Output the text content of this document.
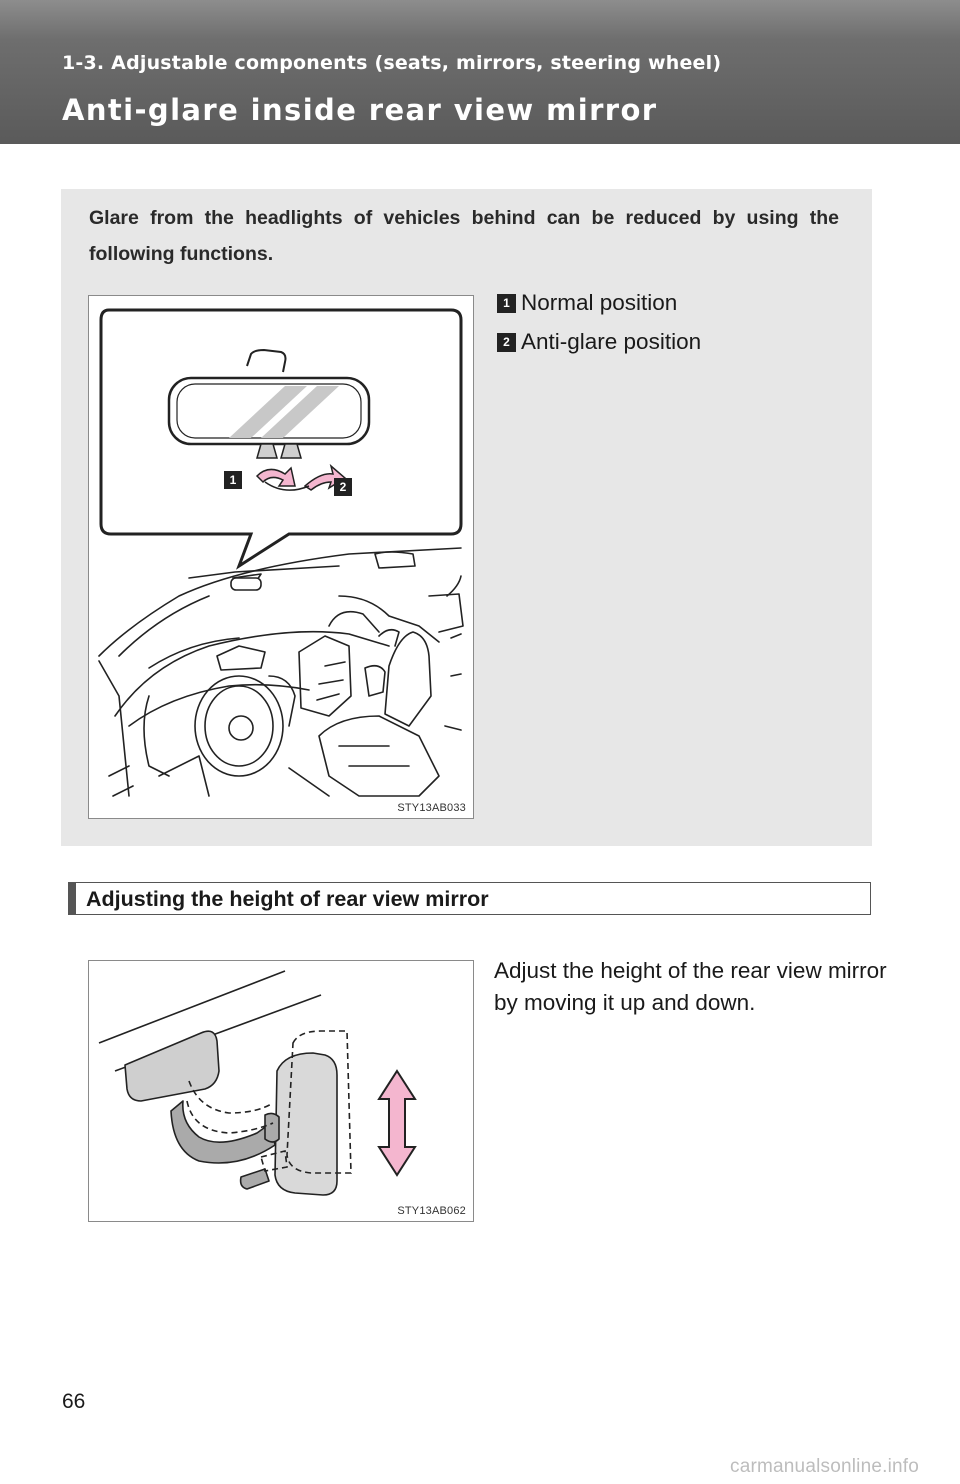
1-3. Adjustable components (seats, mirrors, steering wheel)
Anti-glare inside rear view mirror
Glare from the headlights of vehicles behind can be reduced by using the following functions.
1 Normal position
2 Anti-glare position
1	2
STY13AB033
Adjusting the height of rear view mirror
STY13AB062
Adjust the height of the rear view mirror by moving it up and down.
66
carmanualsonline.info
